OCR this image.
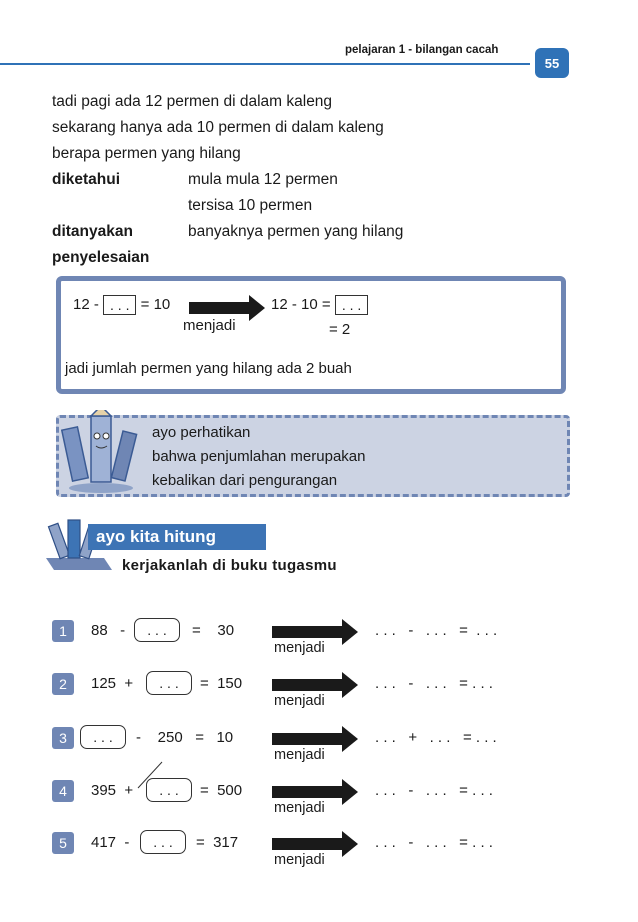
pelajaran 1 - bilangan cacah
55
tadi pagi ada 12 permen di dalam kaleng
sekarang hanya ada 10 permen di dalam kaleng
berapa permen yang hilang
diketahui	mula mula 12 permen
tersisa 10 permen
ditanyakan	banyaknya permen yang hilang
penyelesaian
12 - . . . = 10
menjadi
12 - 10 = . . .
= 2
jadi jumlah permen yang hilang ada 2 buah
ayo perhatikan
bahwa penjumlahan merupakan
kebalikan dari pengurangan
ayo kita hitung
kerjakanlah di buku tugasmu
1	88   -	. . .	=    30
menjadi
. . .   -   . . .   =  . . .
2	125  +	. . .	=  150
menjadi
. . .   -   . . .   = . . .
3	. . .	-    250   =   10
menjadi
. . .   +   . . .   = . . .
4	395  +	. . .	=  500
menjadi
. . .   -   . . .   = . . .
5	417  -	. . .	=  317
menjadi
. . .   -   . . .   = . . .
